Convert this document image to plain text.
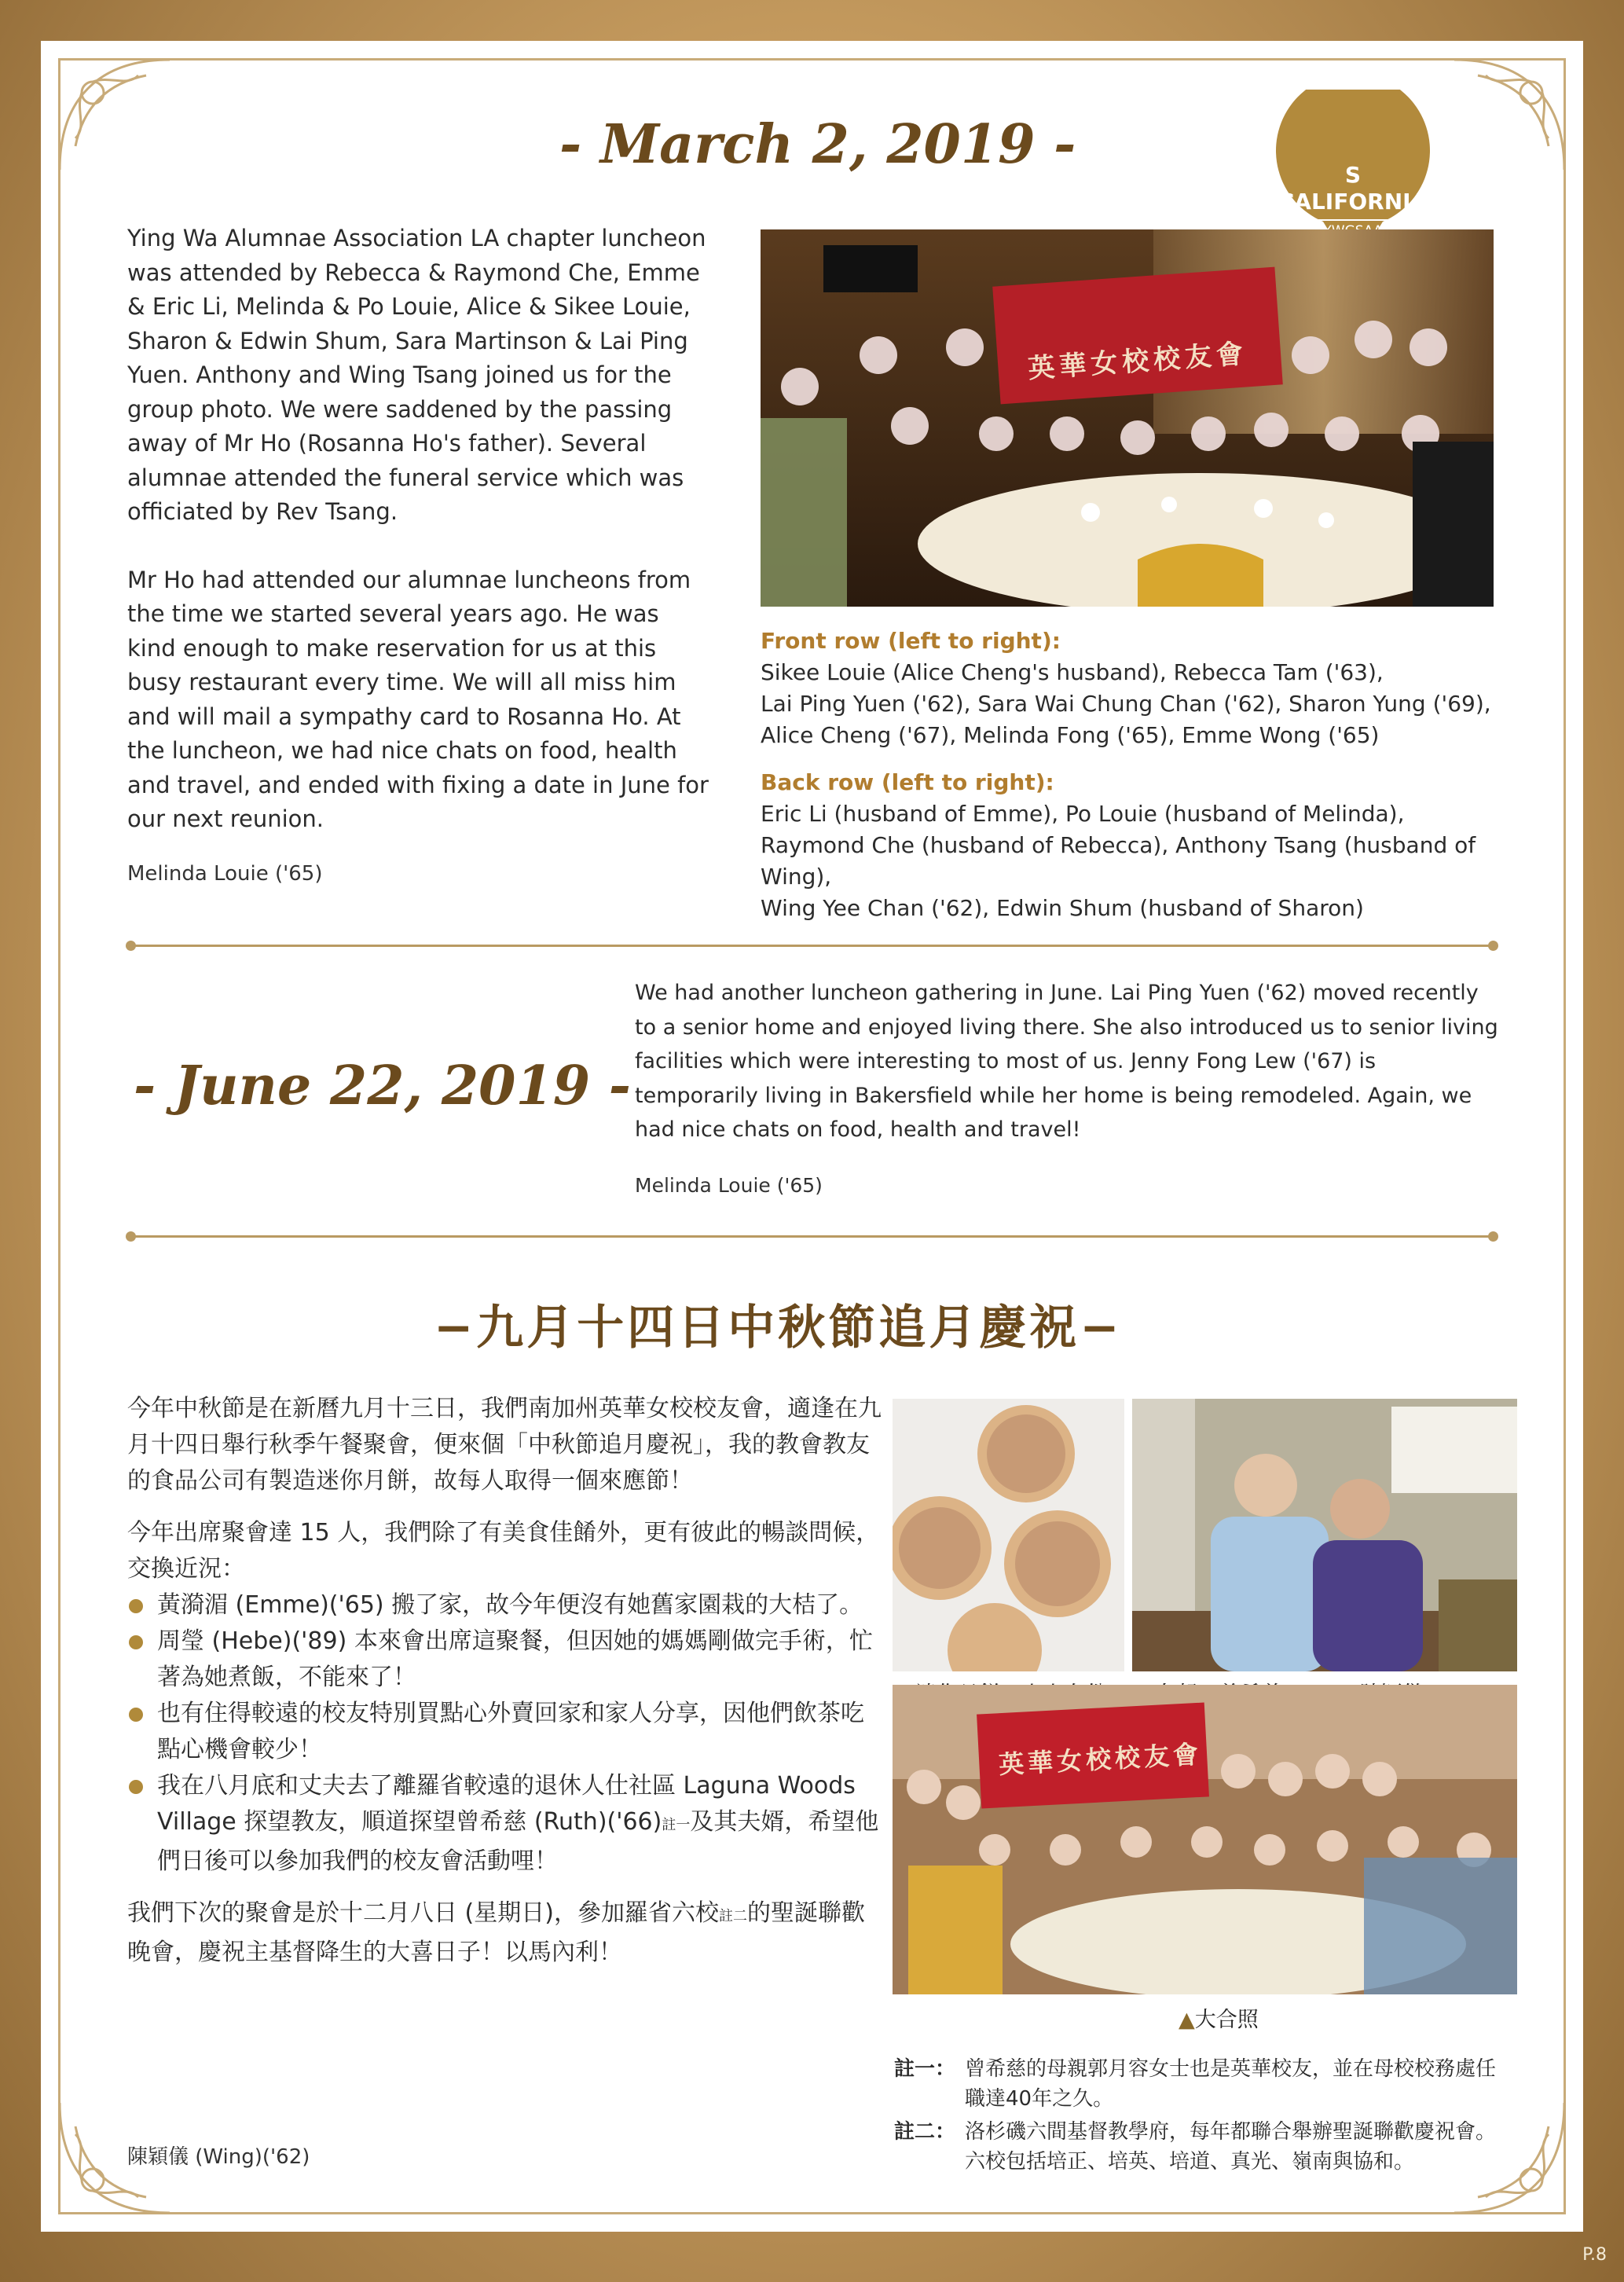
S
CALIFORNIA
- March 2, 2019 -

Ying Wa Alumnae Association LA chapter luncheon was attended by Rebecca & Raymond Che, Emme & Eric Li, Melinda & Po Louie, Alice & Sikee Louie, Sharon & Edwin Shum, Sara Martinson & Lai Ping Yuen. Anthony and Wing Tsang joined us for the group photo. We were saddened by the passing away of Mr Ho (Rosanna Ho's father). Several alumnae attended the funeral service which was officiated by Rev Tsang.

Mr Ho had attended our alumnae luncheons from the time we started several years ago. He was kind enough to make reservation for us at this busy restaurant every time. We will all miss him and will mail a sympathy card to Rosanna Ho. At the luncheon, we had nice chats on food, health and travel, and ended with fixing a date in June for our next reunion.

Melinda Louie ('65)
英華女校校友會
Front row (left to right):
Sikee Louie (Alice Cheng's husband), Rebecca Tam ('63),
Lai Ping Yuen ('62), Sara Wai Chung Chan ('62), Sharon Yung ('69),
Alice Cheng ('67), Melinda Fong ('65), Emme Wong ('65)
Back row (left to right):
Eric Li (husband of Emme), Po Louie (husband of Melinda),
Raymond Che (husband of Rebecca), Anthony Tsang (husband of Wing),
Wing Yee Chan ('62), Edwin Shum (husband of Sharon)
- June 22, 2019 -
We had another luncheon gathering in June. Lai Ping Yuen ('62) moved recently to a senior home and enjoyed living there. She also introduced us to senior living facilities which were interesting to most of us. Jenny Fong Lew ('67) is temporarily living in Bakersfield while her home is being remodeled. Again, we had nice chats on food, health and travel!
Melinda Louie ('65)
−九月十四日中秋節追月慶祝−

今年中秋節是在新曆九月十三日，我們南加州英華女校校友會，適逢在九月十四日舉行秋季午餐聚會，便來個「中秋節追月慶祝」，我的教會教友的食品公司有製造迷你月餅，故每人取得一個來應節！

今年出席聚會達 15 人，我們除了有美食佳餚外，更有彼此的暢談問候，交換近況：

黃漪湄 (Emme)('65) 搬了家，故今年便沒有她舊家園栽的大桔了。
周瑩 (Hebe)('89) 本來會出席這聚餐，但因她的媽媽剛做完手術，忙著為她煮飯，不能來了！
也有住得較遠的校友特別買點心外賣回家和家人分享，因他們飲茶吃點心機會較少！
我在八月底和丈夫去了離羅省較遠的退休人仕社區 Laguna Woods Village 探望教友，順道探望曾希慈 (Ruth)('66)註一及其夫婿，希望他們日後可以參加我們的校友會活動哩！

我們下次的聚會是於十二月八日 (星期日)，參加羅省六校註二的聖誕聯歡晚會，慶祝主基督降生的大喜日子！以馬內利！

陳穎儀 (Wing)('62)
英華女校校友會
▲大合照
註一： 曾希慈的母親郭月容女士也是英華校友，並在母校校務處任職達40年之久。
註二： 洛杉磯六間基督教學府，每年都聯合舉辦聖誕聯歡慶祝會。六校包括培正、培英、培道、真光、嶺南與協和。
P.8
